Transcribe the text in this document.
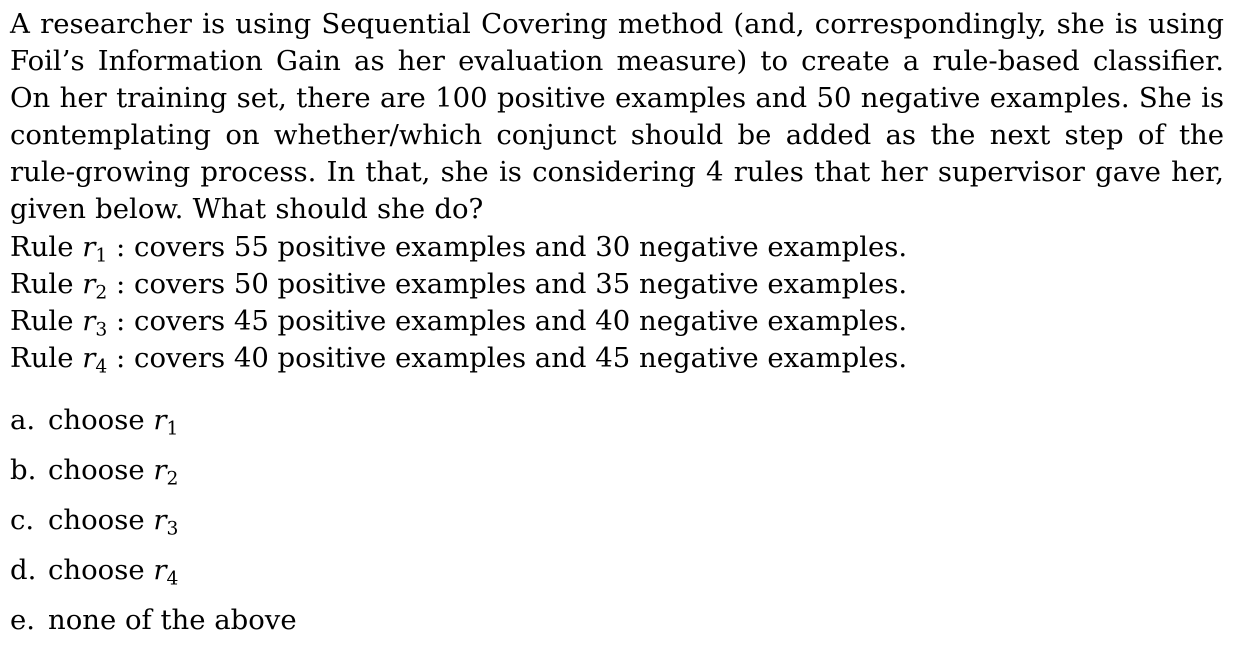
A researcher is using Sequential Covering method (and, correspondingly, she is using Foil’s Information Gain as her evaluation measure) to create a rule-based classifier. On her training set, there are 100 positive examples and 50 negative examples. She is contemplating on whether/which conjunct should be added as the next step of the rule-growing process. In that, she is considering 4 rules that her supervisor gave her, given below. What should she do?

Rule $r_1$ : covers 55 positive examples and 30 negative examples.
Rule $r_2$ : covers 50 positive examples and 35 negative examples.
Rule $r_3$ : covers 45 positive examples and 40 negative examples.
Rule $r_4$ : covers 40 positive examples and 45 negative examples.
a. choose $r_1$
b. choose $r_2$
c. choose $r_3$
d. choose $r_4$
e. none of the above
